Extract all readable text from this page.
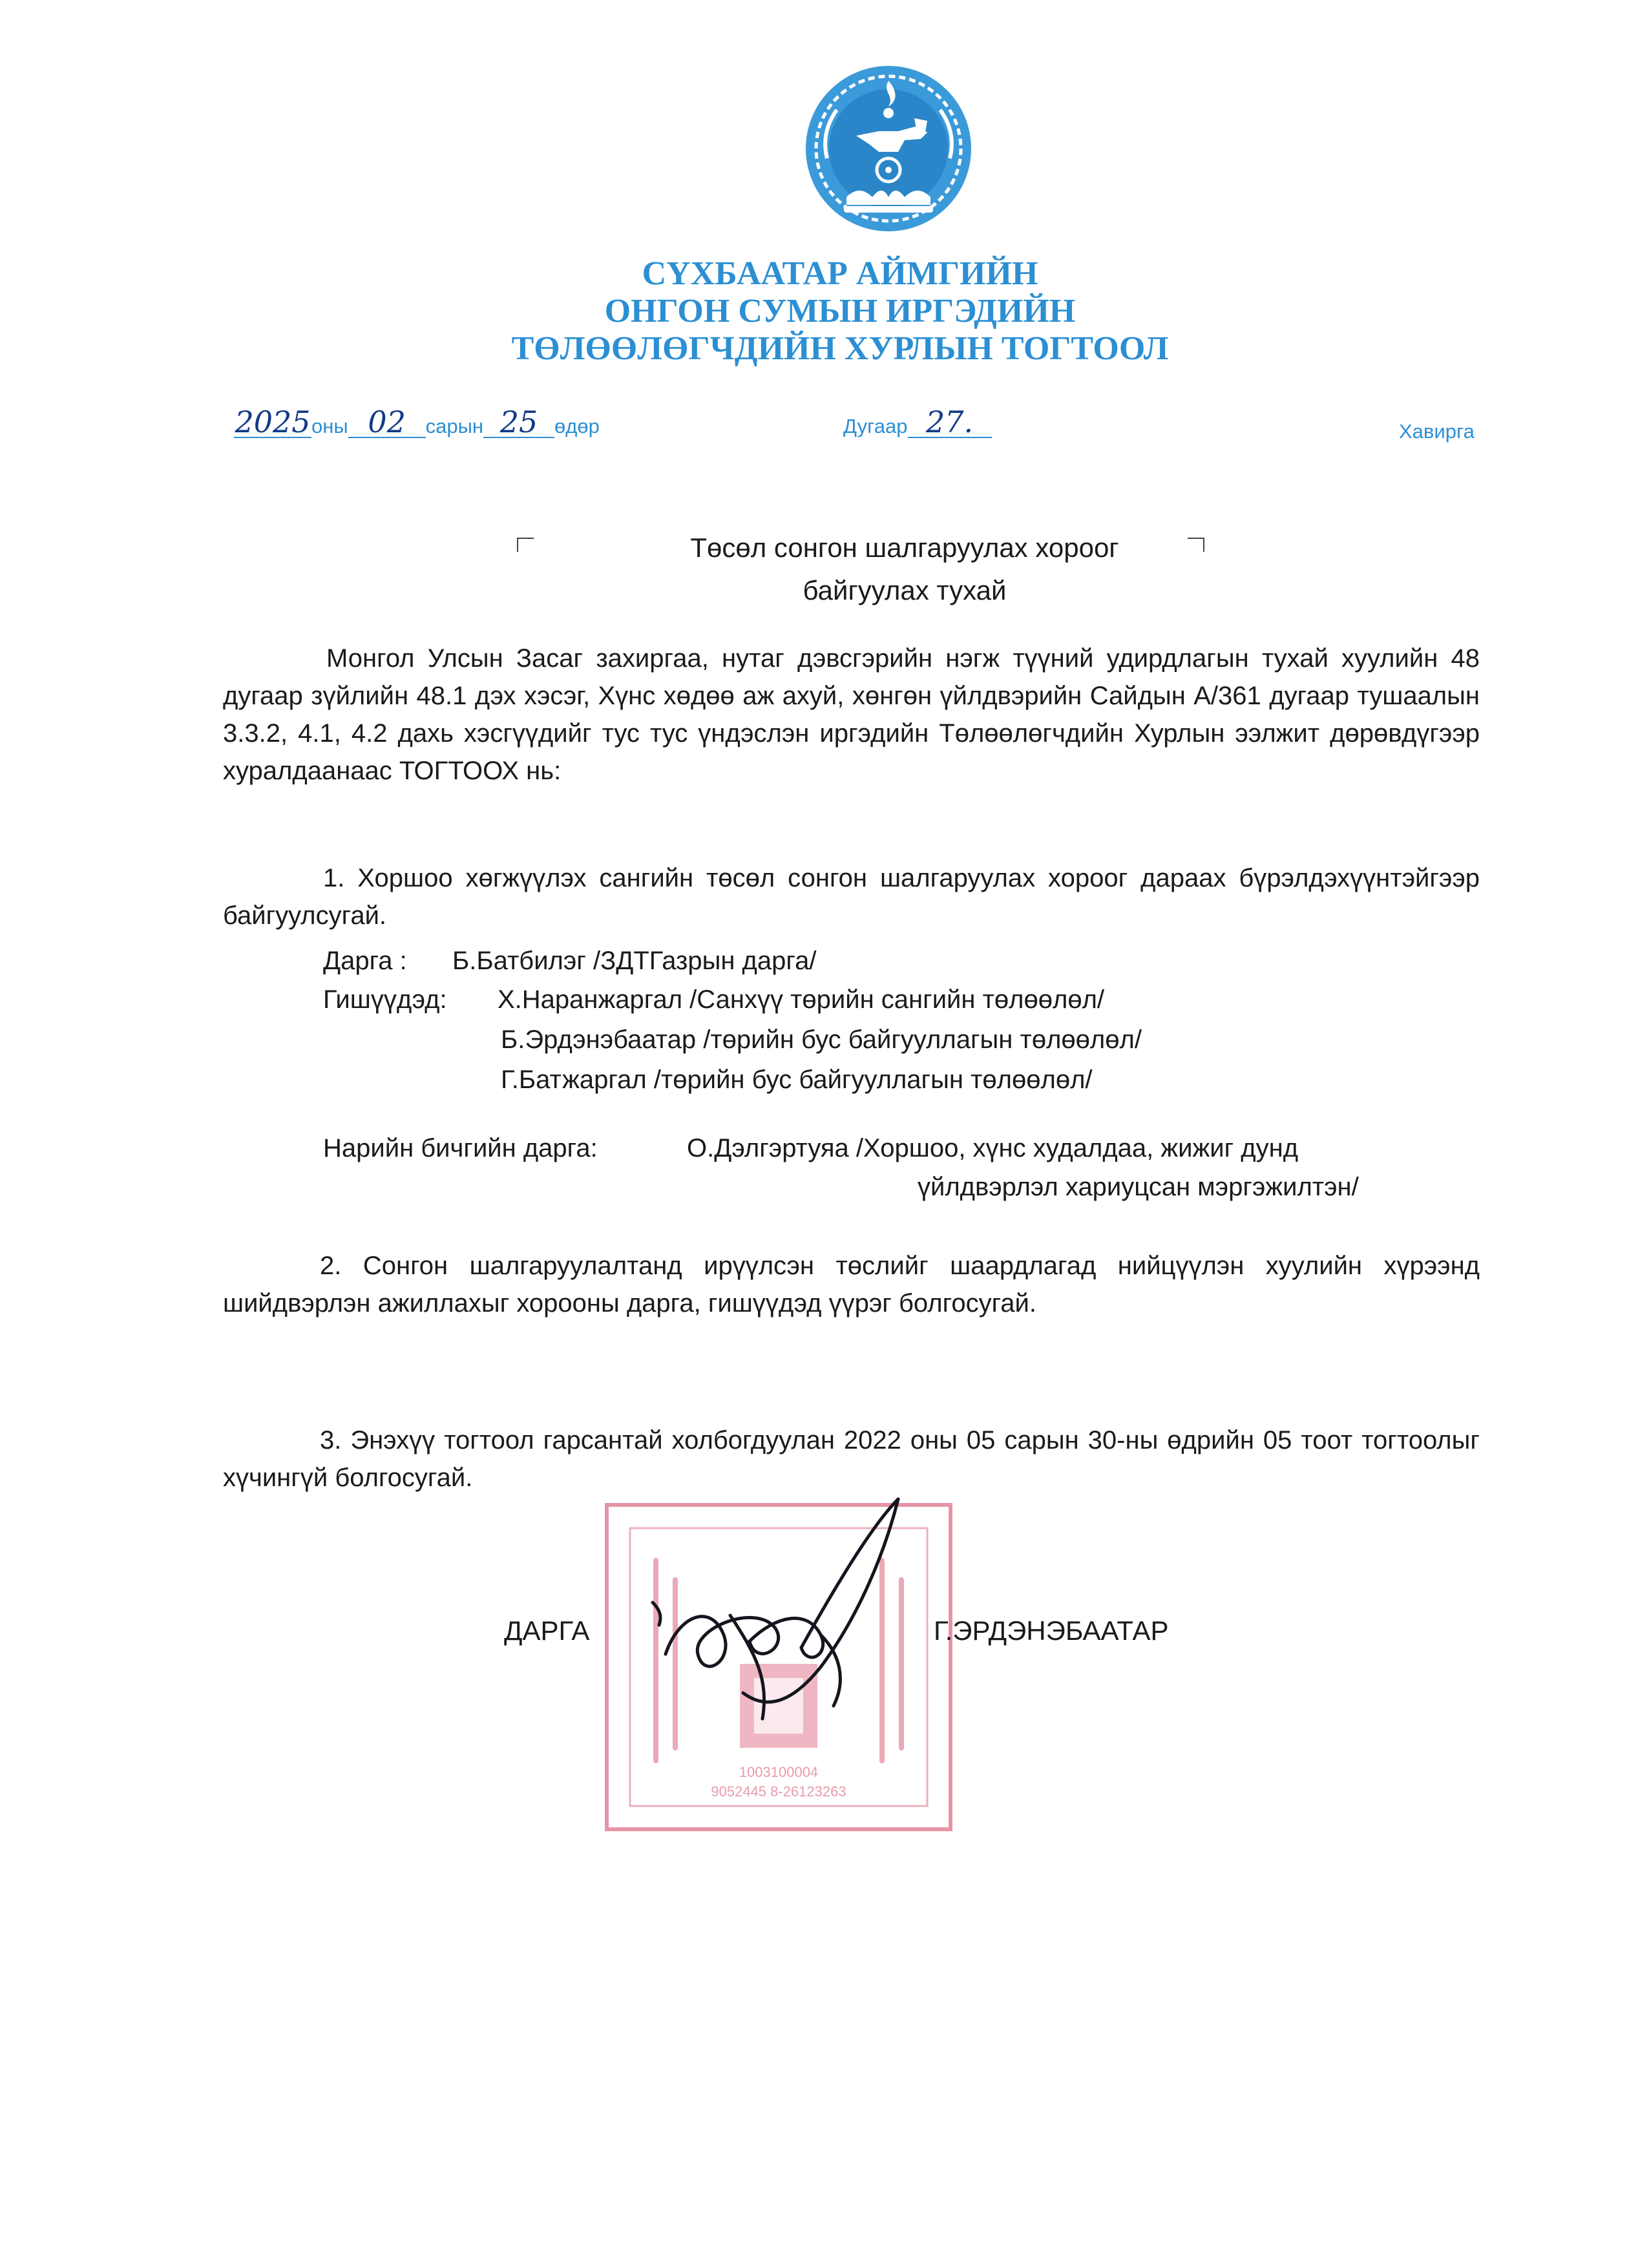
СҮХБААТАР АЙМГИЙН
ОНГОН СУМЫН ИРГЭДИЙН
ТӨЛӨӨЛӨГЧДИЙН ХУРЛЫН ТОГТООЛ
2025оны 02 сарын 25 өдөр	Дугаар 27.	Хавирга
Төсөл сонгон шалгаруулах хороог
байгуулах тухай
Монгол Улсын Засаг захиргаа, нутаг дэвсгэрийн нэгж түүний удирдлагын тухай хуулийн 48 дугаар зүйлийн 48.1 дэх хэсэг, Хүнс хөдөө аж ахуй, хөнгөн үйлдвэрийн Сайдын А/361 дугаар тушаалын 3.3.2, 4.1, 4.2 дахь хэсгүүдийг тус тус үндэслэн иргэдийн Төлөөлөгчдийн Хурлын ээлжит дөрөвдүгээр хуралдаанаас ТОГТООХ нь:
1. Хоршоо хөгжүүлэх сангийн төсөл сонгон шалгаруулах хороог дараах бүрэлдэхүүнтэйгээр байгуулсугай.
Дарга : Б.Батбилэг /ЗДТГазрын дарга/
Гишүүдэд: Х.Наранжаргал /Санхүү төрийн сангийн төлөөлөл/
Б.Эрдэнэбаатар /төрийн бус байгууллагын төлөөлөл/
Г.Батжаргал /төрийн бус байгууллагын төлөөлөл/
Нарийн бичгийн дарга:	О.Дэлгэртуяа /Хоршоо, хүнс худалдаа, жижиг дунд
үйлдвэрлэл хариуцсан мэргэжилтэн/
2. Сонгон шалгаруулалтанд ирүүлсэн төслийг шаардлагад нийцүүлэн хуулийн хүрээнд шийдвэрлэн ажиллахыг хорооны дарга, гишүүдэд үүрэг болгосугай.
3. Энэхүү тогтоол гарсантай холбогдуулан 2022 оны 05 сарын 30-ны өдрийн 05 тоот тогтоолыг хүчингүй болгосугай.
1003100004
9052445 8-26123263
ДАРГА	Г.ЭРДЭНЭБААТАР
